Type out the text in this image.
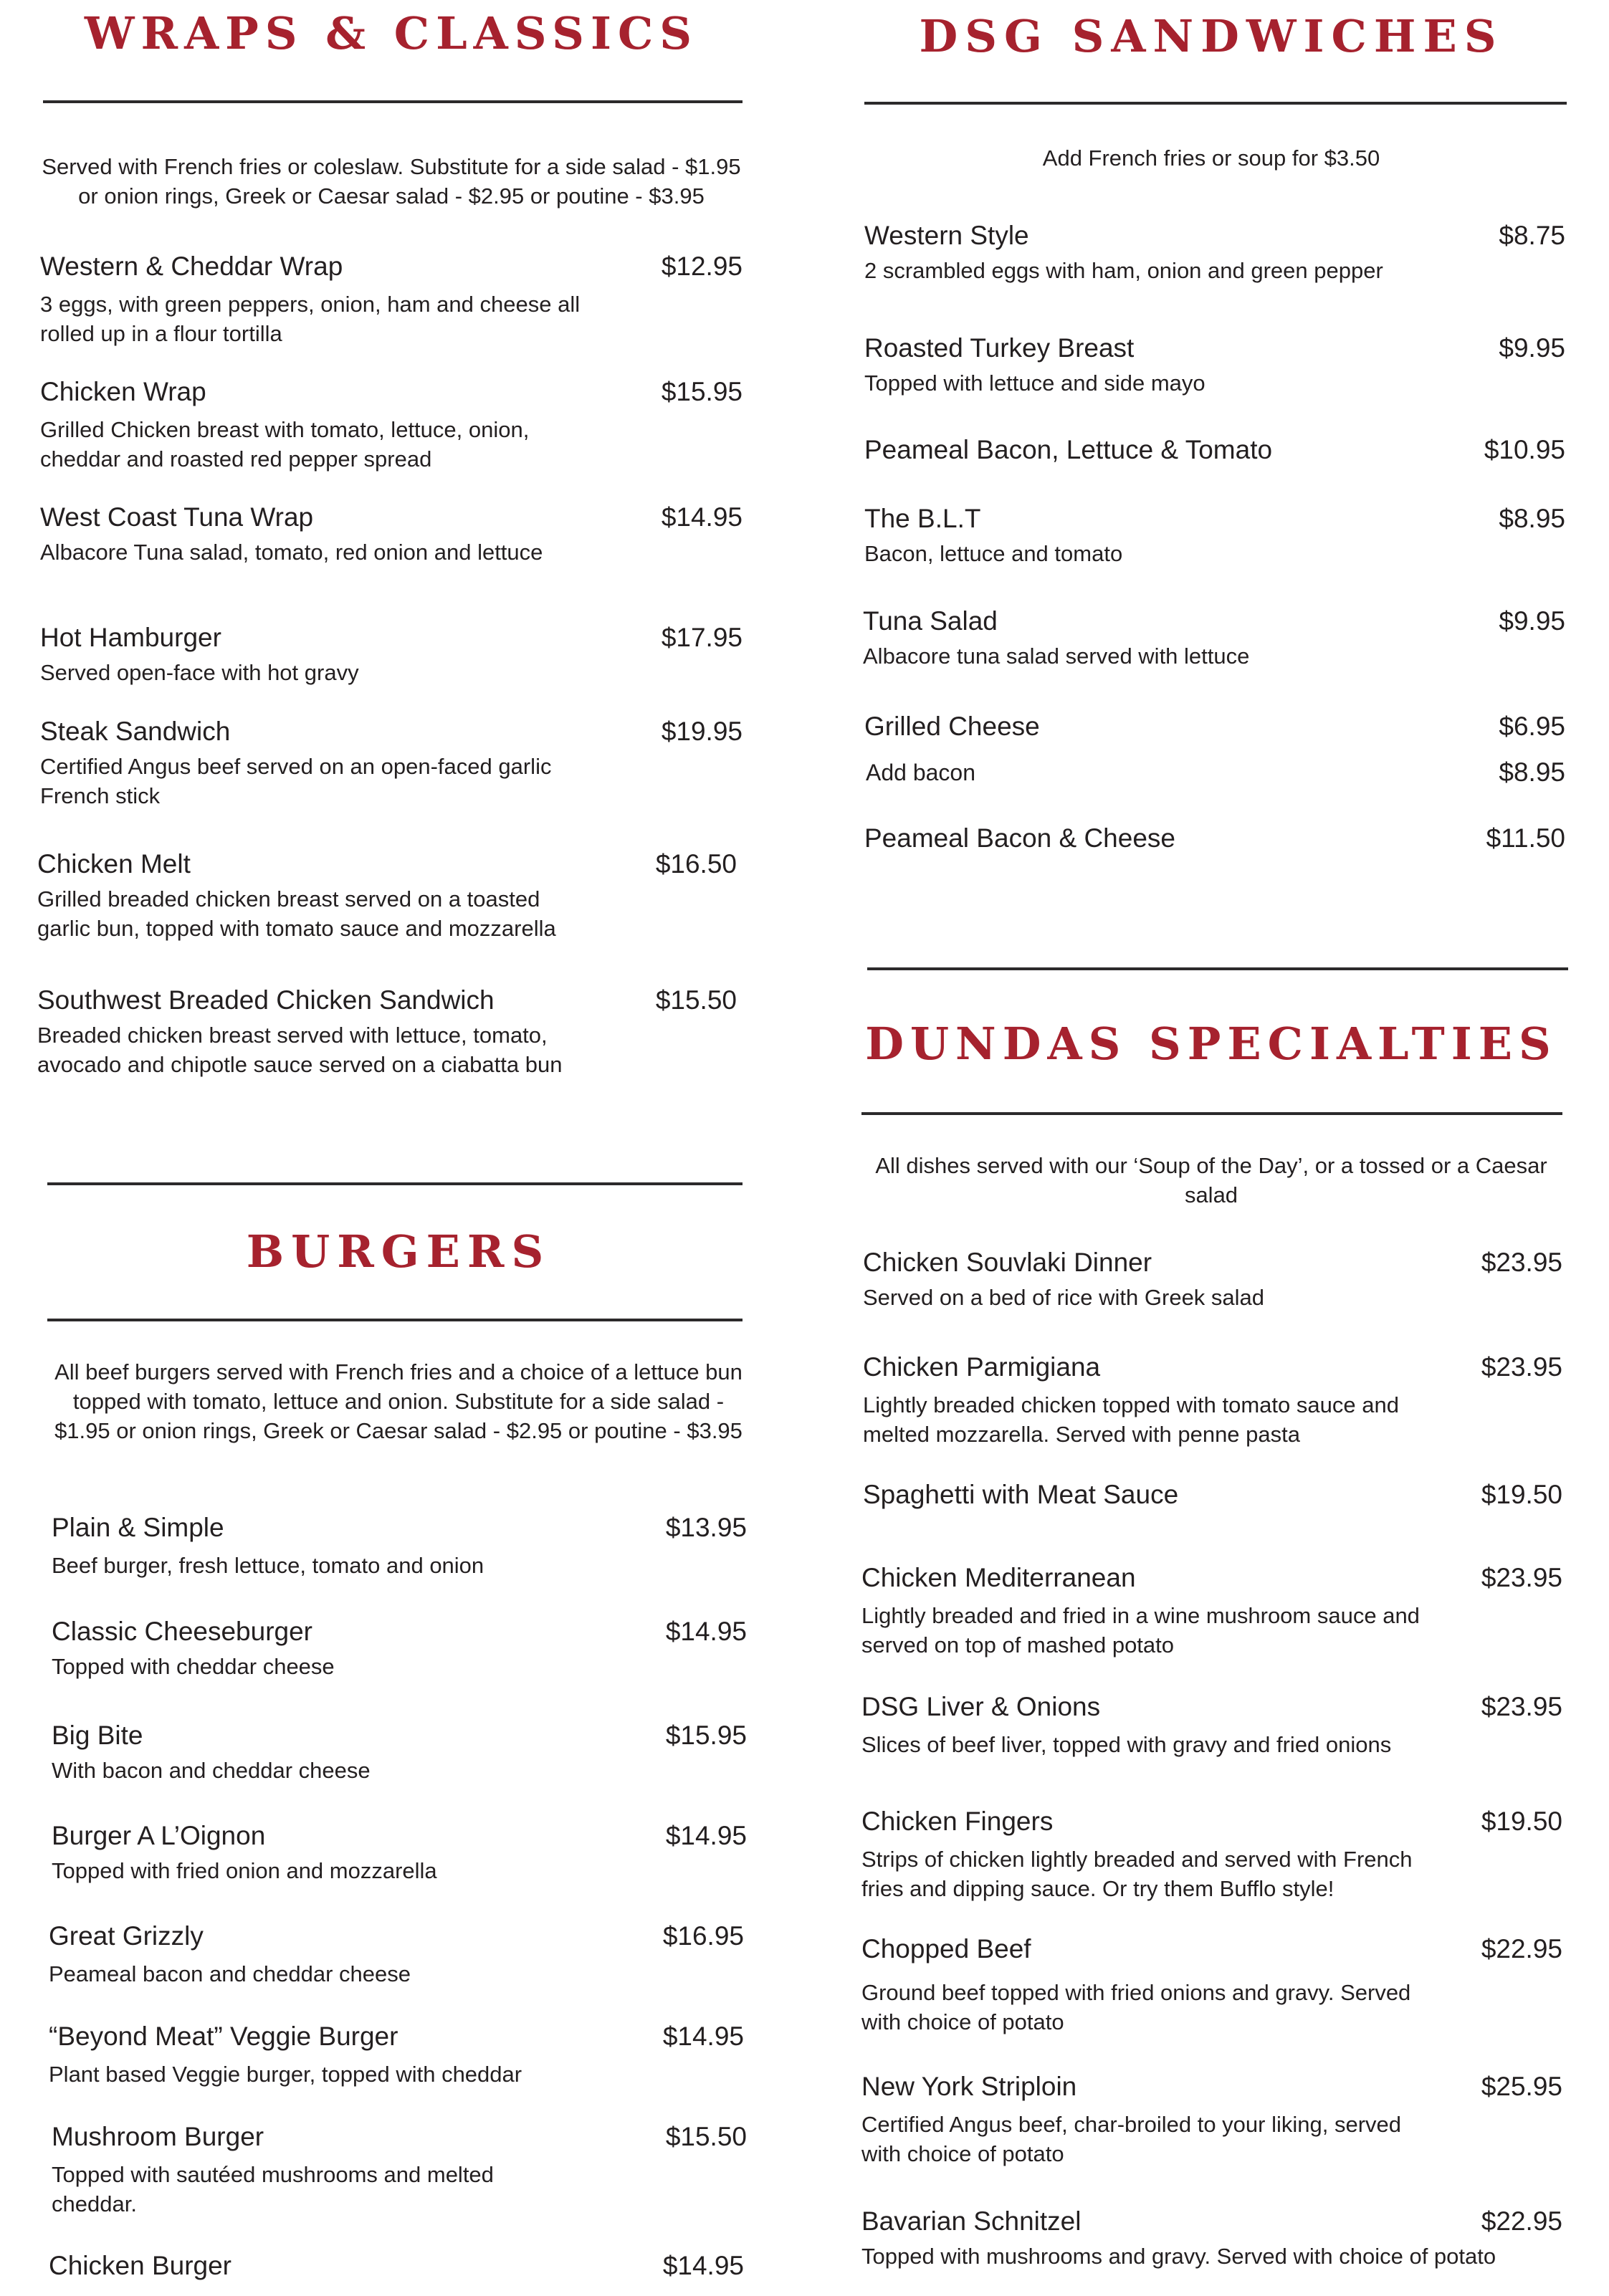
WRAPS & CLASSICS
Served with French fries or coleslaw. Substitute for a side salad - $1.95 or onion rings, Greek or Caesar salad - $2.95 or poutine - $3.95
Western & Cheddar Wrap	$12.95
3 eggs, with green peppers, onion, ham and cheese all rolled up in a flour tortilla
Chicken Wrap	$15.95
Grilled Chicken breast with tomato, lettuce, onion, cheddar and roasted red pepper spread
West Coast Tuna Wrap	$14.95
Albacore Tuna salad, tomato, red onion and lettuce
Hot Hamburger	$17.95
Served open-face with hot gravy
Steak Sandwich	$19.95
Certified Angus beef served on an open-faced garlic French stick
Chicken Melt	$16.50
Grilled breaded chicken breast served on a toasted garlic bun, topped with tomato sauce and mozzarella
Southwest Breaded Chicken Sandwich	$15.50
Breaded chicken breast served with lettuce, tomato, avocado and chipotle sauce served on a ciabatta bun
BURGERS
All beef burgers served with French fries and a choice of a lettuce bun topped with tomato, lettuce and onion. Substitute for a side salad - $1.95 or onion rings, Greek or Caesar salad - $2.95 or poutine - $3.95
Plain & Simple	$13.95
Beef burger, fresh lettuce, tomato and onion
Classic Cheeseburger	$14.95
Topped with cheddar cheese
Big Bite	$15.95
With bacon and cheddar cheese
Burger A L’Oignon	$14.95
Topped with fried onion and mozzarella
Great Grizzly	$16.95
Peameal bacon and cheddar cheese
“Beyond Meat” Veggie Burger	$14.95
Plant based Veggie burger, topped with cheddar
Mushroom Burger	$15.50
Topped with sautéed mushrooms and melted cheddar.
Chicken Burger	$14.95
DSG SANDWICHES
Add French fries or soup for $3.50
Western Style	$8.75
2 scrambled eggs with ham, onion and green pepper
Roasted Turkey Breast	$9.95
Topped with lettuce and side mayo
Peameal Bacon, Lettuce & Tomato	$10.95
The B.L.T	$8.95
Bacon, lettuce and tomato
Tuna Salad	$9.95
Albacore tuna salad served with lettuce
Grilled Cheese	$6.95
Add bacon	$8.95
Peameal Bacon & Cheese	$11.50
DUNDAS SPECIALTIES
All dishes served with our ‘Soup of the Day’, or a tossed or a Caesar salad
Chicken Souvlaki Dinner	$23.95
Served on a bed of rice with Greek salad
Chicken Parmigiana	$23.95
Lightly breaded chicken topped with tomato sauce and melted mozzarella. Served with penne pasta
Spaghetti with Meat Sauce	$19.50
Chicken Mediterranean	$23.95
Lightly breaded and fried in a wine mushroom sauce and served on top of mashed potato
DSG Liver & Onions	$23.95
Slices of beef liver, topped with gravy and fried onions
Chicken Fingers	$19.50
Strips of chicken lightly breaded and served with French fries and dipping sauce. Or try them Bufflo style!
Chopped Beef	$22.95
Ground beef topped with fried onions and gravy. Served with choice of potato
New York Striploin	$25.95
Certified Angus beef, char-broiled to your liking, served with choice of potato
Bavarian Schnitzel	$22.95
Topped with mushrooms and gravy. Served with choice of potato
